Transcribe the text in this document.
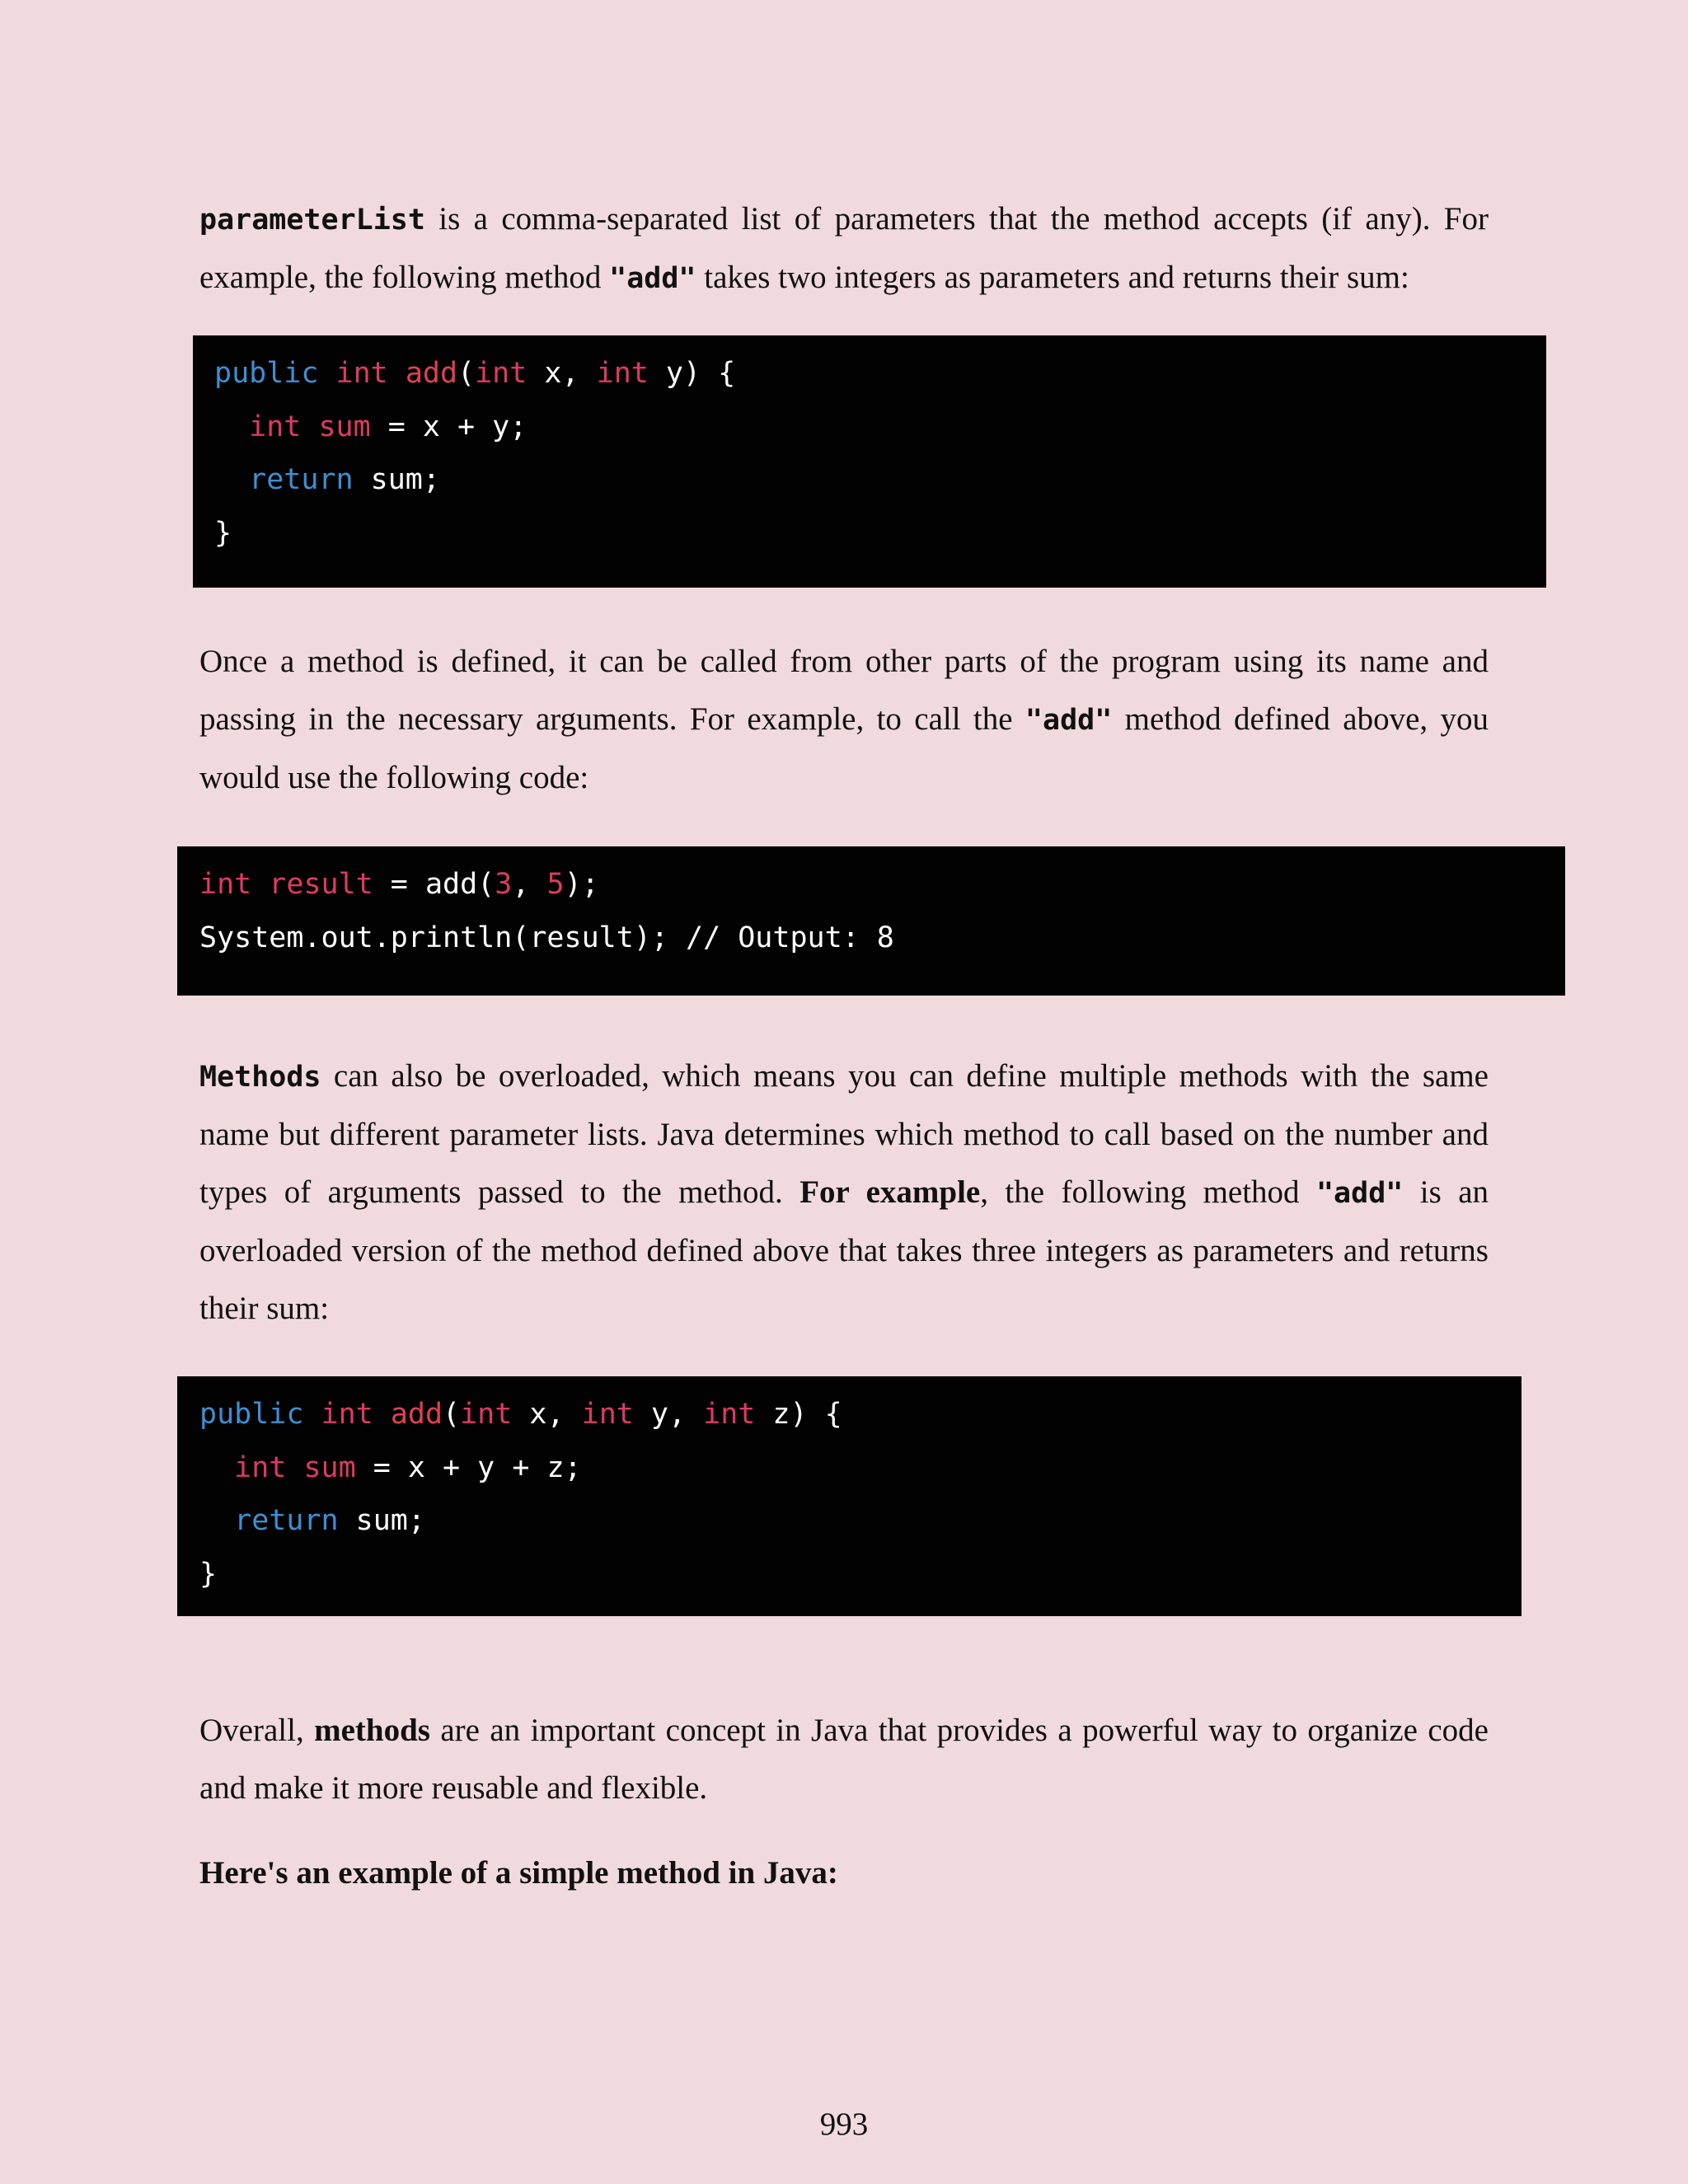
parameterList is a comma-separated list of parameters that the method accepts (if any). For example, the following method "add" takes two integers as parameters and returns their sum:

public int add(int x, int y) {
int sum = x + y;
return sum;
}

Once a method is defined, it can be called from other parts of the program using its name and passing in the necessary arguments. For example, to call the "add" method defined above, you would use the following code:

int result = add(3, 5);
System.out.println(result); // Output: 8

Methods can also be overloaded, which means you can define multiple methods with the same name but different parameter lists. Java determines which method to call based on the number and types of arguments passed to the method. For example, the following method "add" is an overloaded version of the method defined above that takes three integers as parameters and returns their sum:

public int add(int x, int y, int z) {
int sum = x + y + z;
return sum;
}

Overall, methods are an important concept in Java that provides a powerful way to organize code and make it more reusable and flexible.

Here's an example of a simple method in Java:

993
